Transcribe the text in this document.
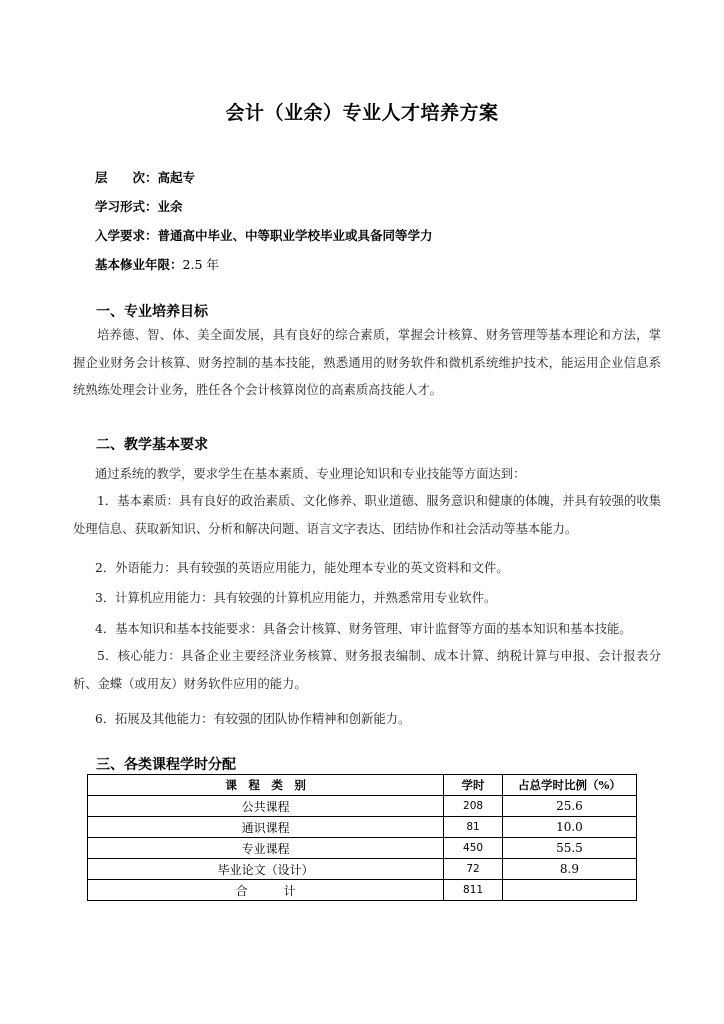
会计（业余）专业人才培养方案
层　　次：高起专
学习形式：业余
入学要求：普通高中毕业、中等职业学校毕业或具备同等学力
基本修业年限：2.5 年
一、专业培养目标
培养德、智、体、美全面发展，具有良好的综合素质，掌握会计核算、财务管理等基本理论和方法，掌握企业财务会计核算、财务控制的基本技能，熟悉通用的财务软件和微机系统维护技术，能运用企业信息系统熟练处理会计业务，胜任各个会计核算岗位的高素质高技能人才。
二、教学基本要求
通过系统的教学，要求学生在基本素质、专业理论知识和专业技能等方面达到：
1．基本素质：具有良好的政治素质、文化修养、职业道德、服务意识和健康的体魄，并具有较强的收集处理信息、获取新知识、分析和解决问题、语言文字表达、团结协作和社会活动等基本能力。
2．外语能力：具有较强的英语应用能力，能处理本专业的英文资料和文件。
3．计算机应用能力：具有较强的计算机应用能力，并熟悉常用专业软件。
4．基本知识和基本技能要求：具备会计核算、财务管理、审计监督等方面的基本知识和基本技能。
5．核心能力：具备企业主要经济业务核算、财务报表编制、成本计算、纳税计算与申报、会计报表分析、金蝶（或用友）财务软件应用的能力。
6．拓展及其他能力：有较强的团队协作精神和创新能力。
三、各类课程学时分配
课　程　类　别	学时	占总学时比例（%）
公共课程	208	25.6
通识课程	81	10.0
专业课程	450	55.5
毕业论文（设计）	72	8.9
合　　　计	811	
